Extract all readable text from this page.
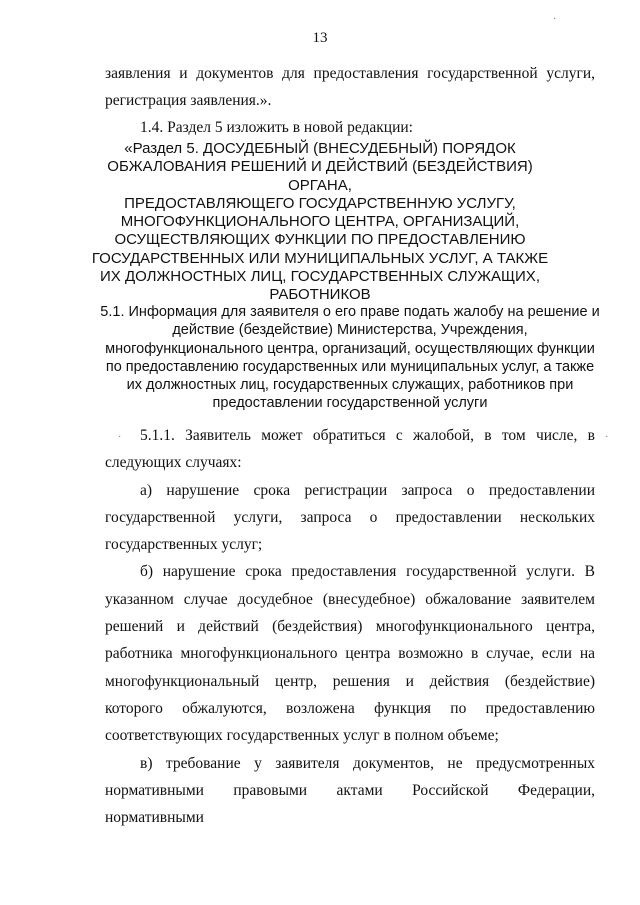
13
заявления и документов для предоставления государственной услуги,
регистрация заявления.».
1.4. Раздел 5 изложить в новой редакции:
«Раздел 5. ДОСУДЕБНЫЙ (ВНЕСУДЕБНЫЙ) ПОРЯДОК
ОБЖАЛОВАНИЯ РЕШЕНИЙ И ДЕЙСТВИЙ (БЕЗДЕЙСТВИЯ) ОРГАНА,
ПРЕДОСТАВЛЯЮЩЕГО ГОСУДАРСТВЕННУЮ УСЛУГУ,
МНОГОФУНКЦИОНАЛЬНОГО ЦЕНТРА, ОРГАНИЗАЦИЙ,
ОСУЩЕСТВЛЯЮЩИХ ФУНКЦИИ ПО ПРЕДОСТАВЛЕНИЮ
ГОСУДАРСТВЕННЫХ ИЛИ МУНИЦИПАЛЬНЫХ УСЛУГ, А ТАКЖЕ
ИХ ДОЛЖНОСТНЫХ ЛИЦ, ГОСУДАРСТВЕННЫХ СЛУЖАЩИХ,
РАБОТНИКОВ
5.1. Информация для заявителя о его праве подать жалобу на решение и
действие (бездействие) Министерства, Учреждения,
многофункционального центра, организаций, осуществляющих функции
по предоставлению государственных или муниципальных услуг, а также
их должностных лиц, государственных служащих, работников при
предоставлении государственной услуги

5.1.1. Заявитель может обратиться с жалобой, в том числе, в следующих случаях:

а) нарушение срока регистрации запроса о предоставлении государственной услуги, запроса о предоставлении нескольких государственных услуг;

б) нарушение срока предоставления государственной услуги. В указанном случае досудебное (внесудебное) обжалование заявителем решений и действий (бездействия) многофункционального центра, работника многофункционального центра возможно в случае, если на многофункциональный центр, решения и действия (бездействие) которого обжалуются, возложена функция по предоставлению соответствующих государственных услуг в полном объеме;

в) требование у заявителя документов, не предусмотренных нормативными правовыми актами Российской Федерации, нормативными

·
·
·
